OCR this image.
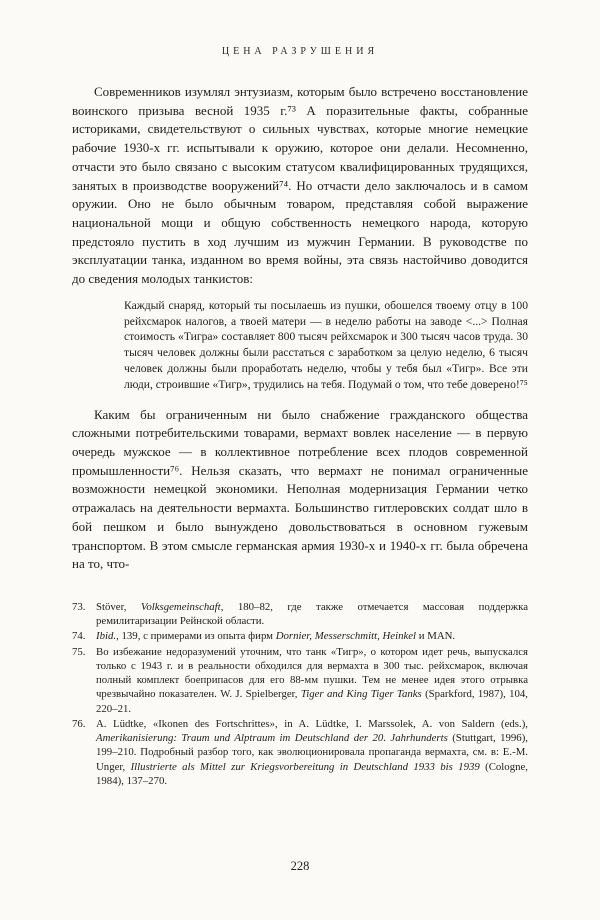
ЦЕНА РАЗРУШЕНИЯ

Современников изумлял энтузиазм, которым было встречено восстановление воинского призыва весной 1935 г.⁷³ А поразительные факты, собранные историками, свидетельствуют о сильных чувствах, которые многие немецкие рабочие 1930-х гг. испытывали к оружию, которое они делали. Несомненно, отчасти это было связано с высоким статусом квалифицированных трудящихся, занятых в производстве вооружений⁷⁴. Но отчасти дело заключалось и в самом оружии. Оно не было обычным товаром, представляя собой выражение национальной мощи и общую собственность немецкого народа, которую предстояло пустить в ход лучшим из мужчин Германии. В руководстве по эксплуатации танка, изданном во время войны, эта связь настойчиво доводится до сведения молодых танкистов:

Каждый снаряд, который ты посылаешь из пушки, обошелся твоему отцу в 100 рейхсмарок налогов, а твоей матери — в неделю работы на заводе <...> Полная стоимость «Тигра» составляет 800 тысяч рейхсмарок и 300 тысяч часов труда. 30 тысяч человек должны были расстаться с заработком за целую неделю, 6 тысяч человек должны были проработать неделю, чтобы у тебя был «Тигр». Все эти люди, строившие «Тигр», трудились на тебя. Подумай о том, что тебе доверено!⁷⁵

Каким бы ограниченным ни было снабжение гражданского общества сложными потребительскими товарами, вермахт вовлек население — в первую очередь мужское — в коллективное потребление всех плодов современной промышленности⁷⁶. Нельзя сказать, что вермахт не понимал ограниченные возможности немецкой экономики. Неполная модернизация Германии четко отражалась на деятельности вермахта. Большинство гитлеровских солдат шло в бой пешком и было вынуждено довольствоваться в основном гужевым транспортом. В этом смысле германская армия 1930-х и 1940-х гг. была обречена на то, что-

73. Stöver, Volksgemeinschaft, 180–82, где также отмечается массовая поддержка ремилитаризации Рейнской области.
74. Ibid., 139, с примерами из опыта фирм Dornier, Messerschmitt, Heinkel и MAN.
75. Во избежание недоразумений уточним, что танк «Тигр», о котором идет речь, выпускался только с 1943 г. и в реальности обходился для вермахта в 300 тыс. рейхсмарок, включая полный комплект боеприпасов для его 88-мм пушки. Тем не менее идея этого отрывка чрезвычайно показателен. W. J. Spielberger, Tiger and King Tiger Tanks (Sparkford, 1987), 104, 220–21.
76. A. Lüdtke, «Ikonen des Fortschrittes», in A. Lüdtke, I. Marssolek, A. von Saldern (eds.), Amerikanisierung: Traum und Alptraum im Deutschland der 20. Jahrhunderts (Stuttgart, 1996), 199–210. Подробный разбор того, как эволюционировала пропаганда вермахта, см. в: E.-M. Unger, Illustrierte als Mittel zur Kriegsvorbereitung in Deutschland 1933 bis 1939 (Cologne, 1984), 137–270.
228
